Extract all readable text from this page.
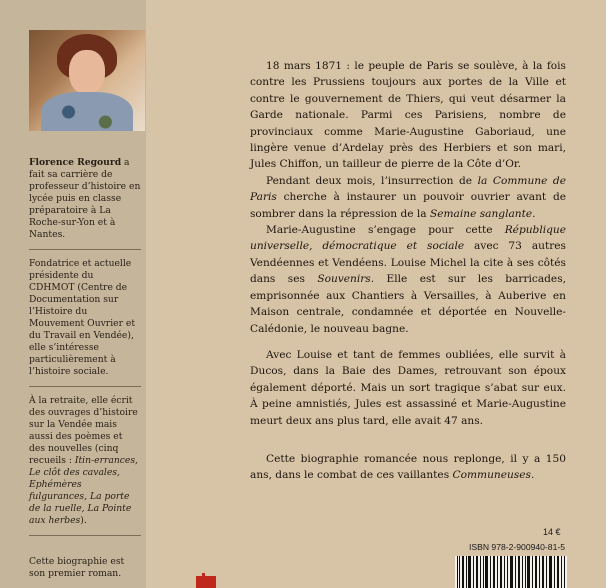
Florence Regourd a fait sa carrière de professeur d’histoire en lycée puis en classe préparatoire à La Roche-sur-Yon et à Nantes.

Fondatrice et actuelle présidente du CDHMOT (Centre de Documentation sur l’Histoire du Mouvement Ouvrier et du Travail en Vendée), elle s’intéresse particulièrement à l’histoire sociale.

À la retraite, elle écrit des ouvrages d’histoire sur la Vendée mais aussi des poèmes et des nouvelles (cinq recueils : Itin-errances, Le clôt des cavales, Ephémères fulgurances, La porte de la ruelle, La Pointe aux herbes).

Cette biographie est son premier roman.

18 mars 1871 : le peuple de Paris se soulève, à la fois contre les Prussiens toujours aux portes de la Ville et contre le gouvernement de Thiers, qui veut désarmer la Garde nationale. Parmi ces Parisiens, nombre de provinciaux comme Marie-Augustine Gaboriaud, une lingère venue d’Ardelay près des Herbiers et son mari, Jules Chiffon, un tailleur de pierre de la Côte d’Or.

Pendant deux mois, l’insurrection de la Commune de Paris cherche à instaurer un pouvoir ouvrier avant de sombrer dans la répression de la Semaine sanglante.

Marie-Augustine s’engage pour cette République universelle, démocratique et sociale avec 73 autres Vendéennes et Vendéens. Louise Michel la cite à ses côtés dans ses Souvenirs. Elle est sur les barricades, emprisonnée aux Chantiers à Versailles, à Auberive en Maison centrale, condamnée et déportée en Nouvelle-Calédonie, le nouveau bagne.

Avec Louise et tant de femmes oubliées, elle survit à Ducos, dans la Baie des Dames, retrouvant son époux également déporté. Mais un sort tragique s’abat sur eux. À peine amnistiés, Jules est assassiné et Marie-Augustine meurt deux ans plus tard, elle avait 47 ans.

Cette biographie romancée nous replonge, il y a 150 ans, dans le combat de ces vaillantes Communeuses.

14 €
ISBN 978-2-900940-81-5
